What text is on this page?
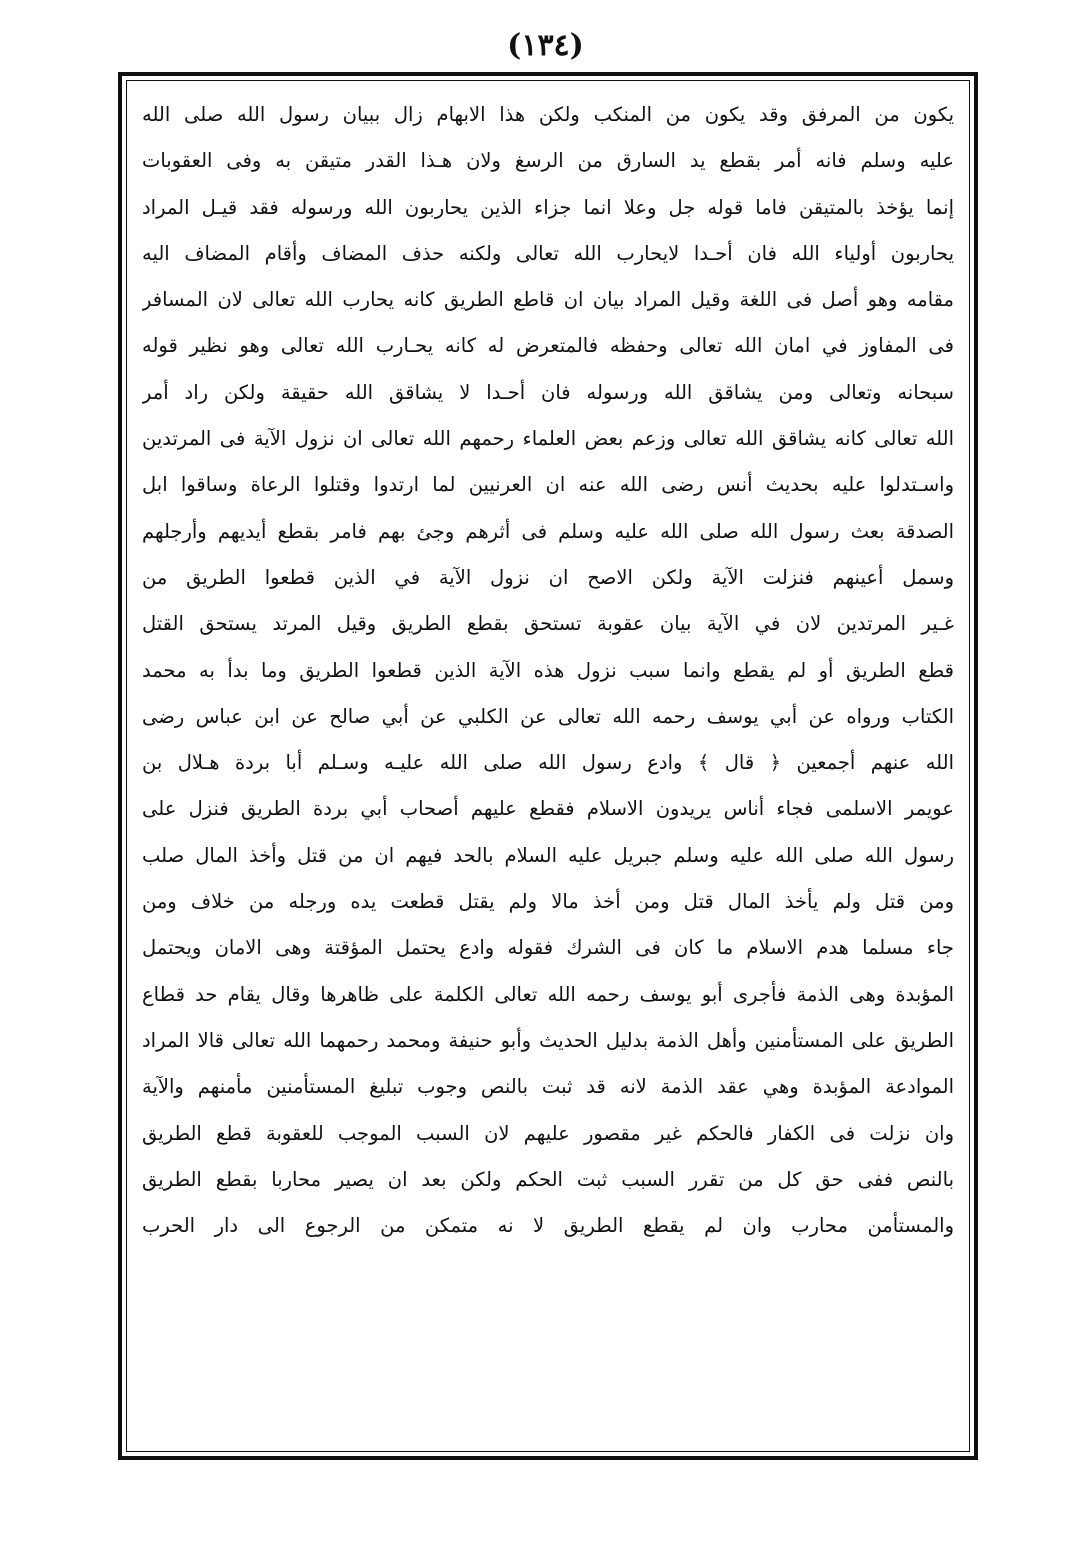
(١٣٤)
يكون من المرفق وقد يكون من المنكب ولكن هذا الابهام زال ببيان رسول الله صلى الله
عليه وسلم فانه أمر بقطع يد السارق من الرسغ ولان هـذا القدر متيقن به وفى العقوبات
إنما يؤخذ بالمتيقن فاما قوله جل وعلا انما جزاء الذين يحاربون الله ورسوله فقد قيـل المراد
يحاربون أولياء الله فان أحـدا لايحارب الله تعالى ولكنه حذف المضاف وأقام المضاف اليه
مقامه وهو أصل فى اللغة وقيل المراد بيان ان قاطع الطريق كانه يحارب الله تعالى لان المسافر
فى المفاوز في امان الله تعالى وحفظه فالمتعرض له كانه يحـارب الله تعالى وهو نظير قوله
سبحانه وتعالى ومن يشاقق الله ورسوله فان أحـدا لا يشاقق الله حقيقة ولكن راد أمر
الله تعالى كانه يشاقق الله تعالى وزعم بعض العلماء رحمهم الله تعالى ان نزول الآية فى المرتدين
واسـتدلوا عليه بحديث أنس رضى الله عنه ان العرنيين لما ارتدوا وقتلوا الرعاة وساقوا ابل
الصدقة بعث رسول الله صلى الله عليه وسلم فى أثرهم وجئ بهم فامر بقطع أيديهم وأرجلهم
وسمل أعينهم فنزلت الآية ولكن الاصح ان نزول الآية في الذين قطعوا الطريق من
غـير المرتدين لان في الآية بيان عقوبة تستحق بقطع الطريق وقيل المرتد يستحق القتل
قطع الطريق أو لم يقطع وانما سبب نزول هذه الآية الذين قطعوا الطريق وما بدأ به محمد
الكتاب ورواه عن أبي يوسف رحمه الله تعالى عن الكلبي عن أبي صالح عن ابن عباس رضى
الله عنهم أجمعين ﴿ قال ﴾ وادع رسول الله صلى الله عليـه وسـلم أبا بردة هـلال بن
عويمر الاسلمى فجاء أناس يريدون الاسلام فقطع عليهم أصحاب أبي بردة الطريق فنزل على
رسول الله صلى الله عليه وسلم جبريل عليه السلام بالحد فيهم ان من قتل وأخذ المال صلب
ومن قتل ولم يأخذ المال قتل ومن أخذ مالا ولم يقتل قطعت يده ورجله من خلاف ومن
جاء مسلما هدم الاسلام ما كان فى الشرك فقوله وادع يحتمل المؤقتة وهى الامان ويحتمل
المؤبدة وهى الذمة فأجرى أبو يوسف رحمه الله تعالى الكلمة على ظاهرها وقال يقام حد قطاع
الطريق على المستأمنين وأهل الذمة بدليل الحديث وأبو حنيفة ومحمد رحمهما الله تعالى قالا المراد
الموادعة المؤبدة وهي عقد الذمة لانه قد ثبت بالنص وجوب تبليغ المستأمنين مأمنهم والآية
وان نزلت فى الكفار فالحكم غير مقصور عليهم لان السبب الموجب للعقوبة قطع الطريق
بالنص ففى حق كل من تقرر السبب ثبت الحكم ولكن بعد ان يصير محاربا بقطع الطريق
والمستأمن محارب وان لم يقطع الطريق لا نه متمكن من الرجوع الى دار الحرب
